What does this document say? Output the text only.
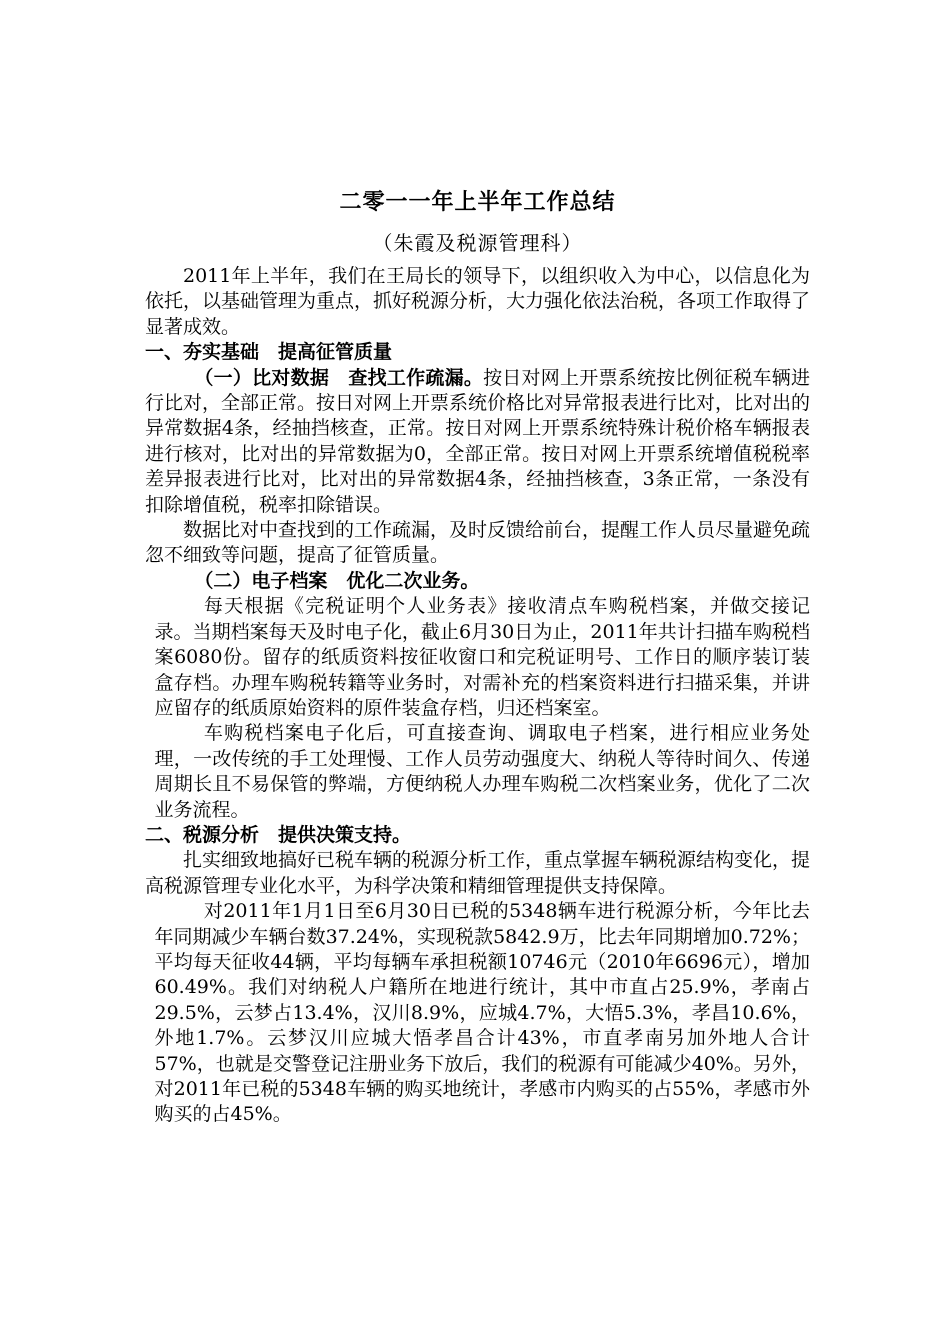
二零一一年上半年工作总结
（朱霞及税源管理科）

2011年上半年，我们在王局长的领导下，以组织收入为中心，以信息化为依托，以基础管理为重点，抓好税源分析，大力强化依法治税，各项工作取得了显著成效。

一、夯实基础　提高征管质量

（一）比对数据　查找工作疏漏。按日对网上开票系统按比例征税车辆进行比对，全部正常。按日对网上开票系统价格比对异常报表进行比对，比对出的异常数据4条，经抽挡核查，正常。按日对网上开票系统特殊计税价格车辆报表进行核对，比对出的异常数据为0，全部正常。按日对网上开票系统增值税税率差异报表进行比对，比对出的异常数据4条，经抽挡核查，3条正常，一条没有扣除增值税，税率扣除错误。

数据比对中查找到的工作疏漏，及时反馈给前台，提醒工作人员尽量避免疏忽不细致等问题，提高了征管质量。

（二）电子档案　优化二次业务。

每天根据《完税证明个人业务表》接收清点车购税档案，并做交接记录。当期档案每天及时电子化，截止6月30日为止，2011年共计扫描车购税档案6080份。留存的纸质资料按征收窗口和完税证明号、工作日的顺序装订装盒存档。办理车购税转籍等业务时，对需补充的档案资料进行扫描采集，并讲应留存的纸质原始资料的原件装盒存档，归还档案室。

车购税档案电子化后，可直接查询、调取电子档案，进行相应业务处理，一改传统的手工处理慢、工作人员劳动强度大、纳税人等待时间久、传递周期长且不易保管的弊端，方便纳税人办理车购税二次档案业务，优化了二次业务流程。

二、税源分析　提供决策支持。

扎实细致地搞好已税车辆的税源分析工作，重点掌握车辆税源结构变化，提高税源管理专业化水平，为科学决策和精细管理提供支持保障。

对2011年1月1日至6月30日已税的5348辆车进行税源分析，今年比去年同期减少车辆台数37.24%，实现税款5842.9万，比去年同期增加0.72%；平均每天征收44辆，平均每辆车承担税额10746元（2010年6696元），增加60.49%。我们对纳税人户籍所在地进行统计，其中市直占25.9%，孝南占29.5%，云梦占13.4%，汉川8.9%，应城4.7%，大悟5.3%，孝昌10.6%，外地1.7%。云梦汉川应城大悟孝昌合计43%，市直孝南另加外地人合计57%，也就是交警登记注册业务下放后，我们的税源有可能减少40%。另外，对2011年已税的5348车辆的购买地统计，孝感市内购买的占55%，孝感市外购买的占45%。
